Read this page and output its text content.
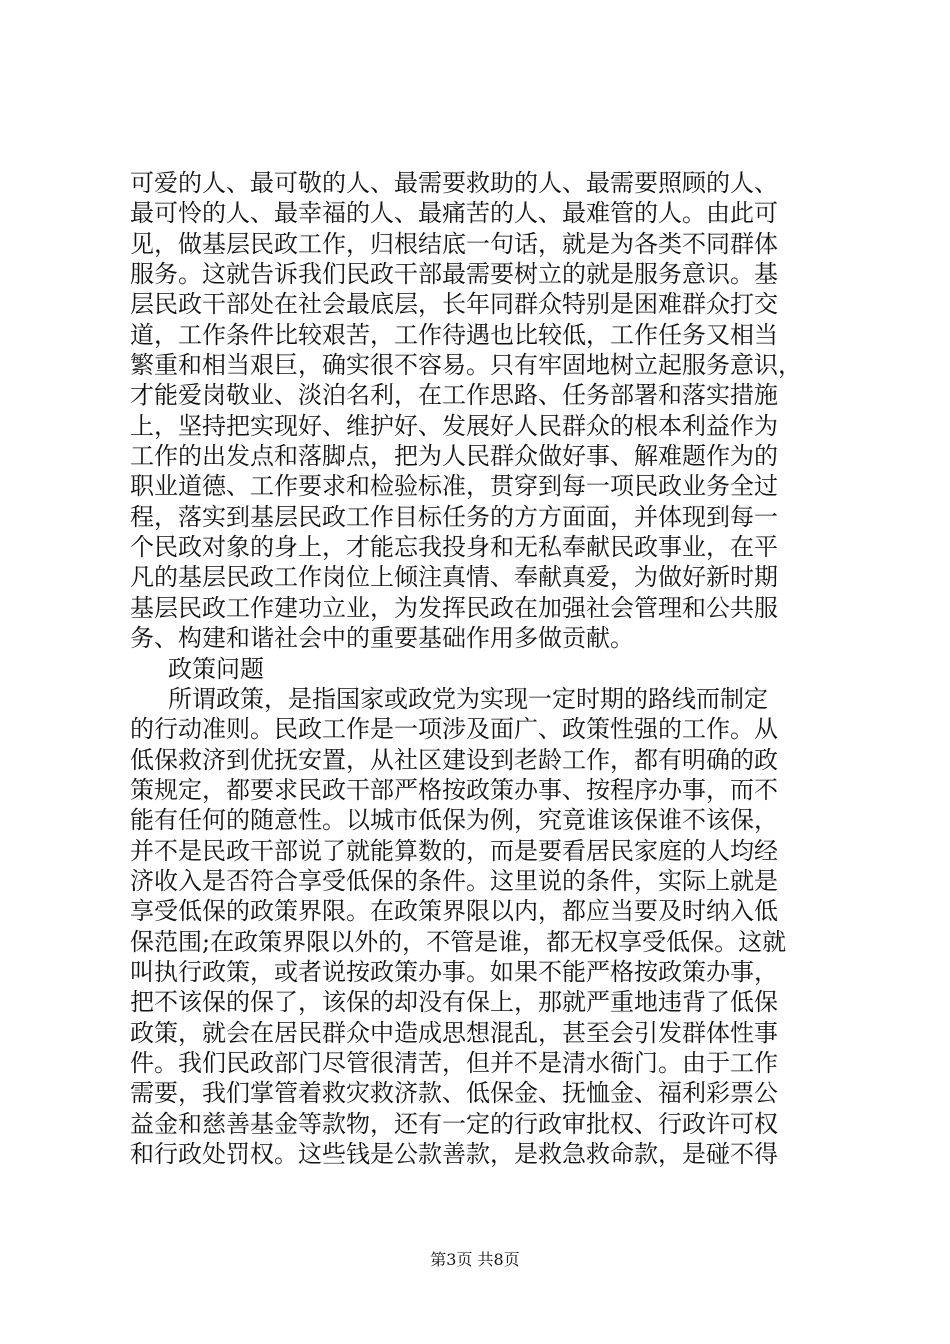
可爱的人、最可敬的人、最需要救助的人、最需要照顾的人、
最可怜的人、最幸福的人、最痛苦的人、最难管的人。由此可
见，做基层民政工作，归根结底一句话，就是为各类不同群体
服务。这就告诉我们民政干部最需要树立的就是服务意识。基
层民政干部处在社会最底层，长年同群众特别是困难群众打交
道，工作条件比较艰苦，工作待遇也比较低，工作任务又相当
繁重和相当艰巨，确实很不容易。只有牢固地树立起服务意识，
才能爱岗敬业、淡泊名利，在工作思路、任务部署和落实措施
上，坚持把实现好、维护好、发展好人民群众的根本利益作为
工作的出发点和落脚点，把为人民群众做好事、解难题作为的
职业道德、工作要求和检验标准，贯穿到每一项民政业务全过
程，落实到基层民政工作目标任务的方方面面，并体现到每一
个民政对象的身上，才能忘我投身和无私奉献民政事业，在平
凡的基层民政工作岗位上倾注真情、奉献真爱，为做好新时期
基层民政工作建功立业，为发挥民政在加强社会管理和公共服
务、构建和谐社会中的重要基础作用多做贡献。
政策问题
所谓政策，是指国家或政党为实现一定时期的路线而制定
的行动准则。民政工作是一项涉及面广、政策性强的工作。从
低保救济到优抚安置，从社区建设到老龄工作，都有明确的政
策规定，都要求民政干部严格按政策办事、按程序办事，而不
能有任何的随意性。以城市低保为例，究竟谁该保谁不该保，
并不是民政干部说了就能算数的，而是要看居民家庭的人均经
济收入是否符合享受低保的条件。这里说的条件，实际上就是
享受低保的政策界限。在政策界限以内，都应当要及时纳入低
保范围;在政策界限以外的，不管是谁，都无权享受低保。这就
叫执行政策，或者说按政策办事。如果不能严格按政策办事，
把不该保的保了，该保的却没有保上，那就严重地违背了低保
政策，就会在居民群众中造成思想混乱，甚至会引发群体性事
件。我们民政部门尽管很清苦，但并不是清水衙门。由于工作
需要，我们掌管着救灾救济款、低保金、抚恤金、福利彩票公
益金和慈善基金等款物，还有一定的行政审批权、行政许可权
和行政处罚权。这些钱是公款善款，是救急救命款，是碰不得
第3页 共8页
